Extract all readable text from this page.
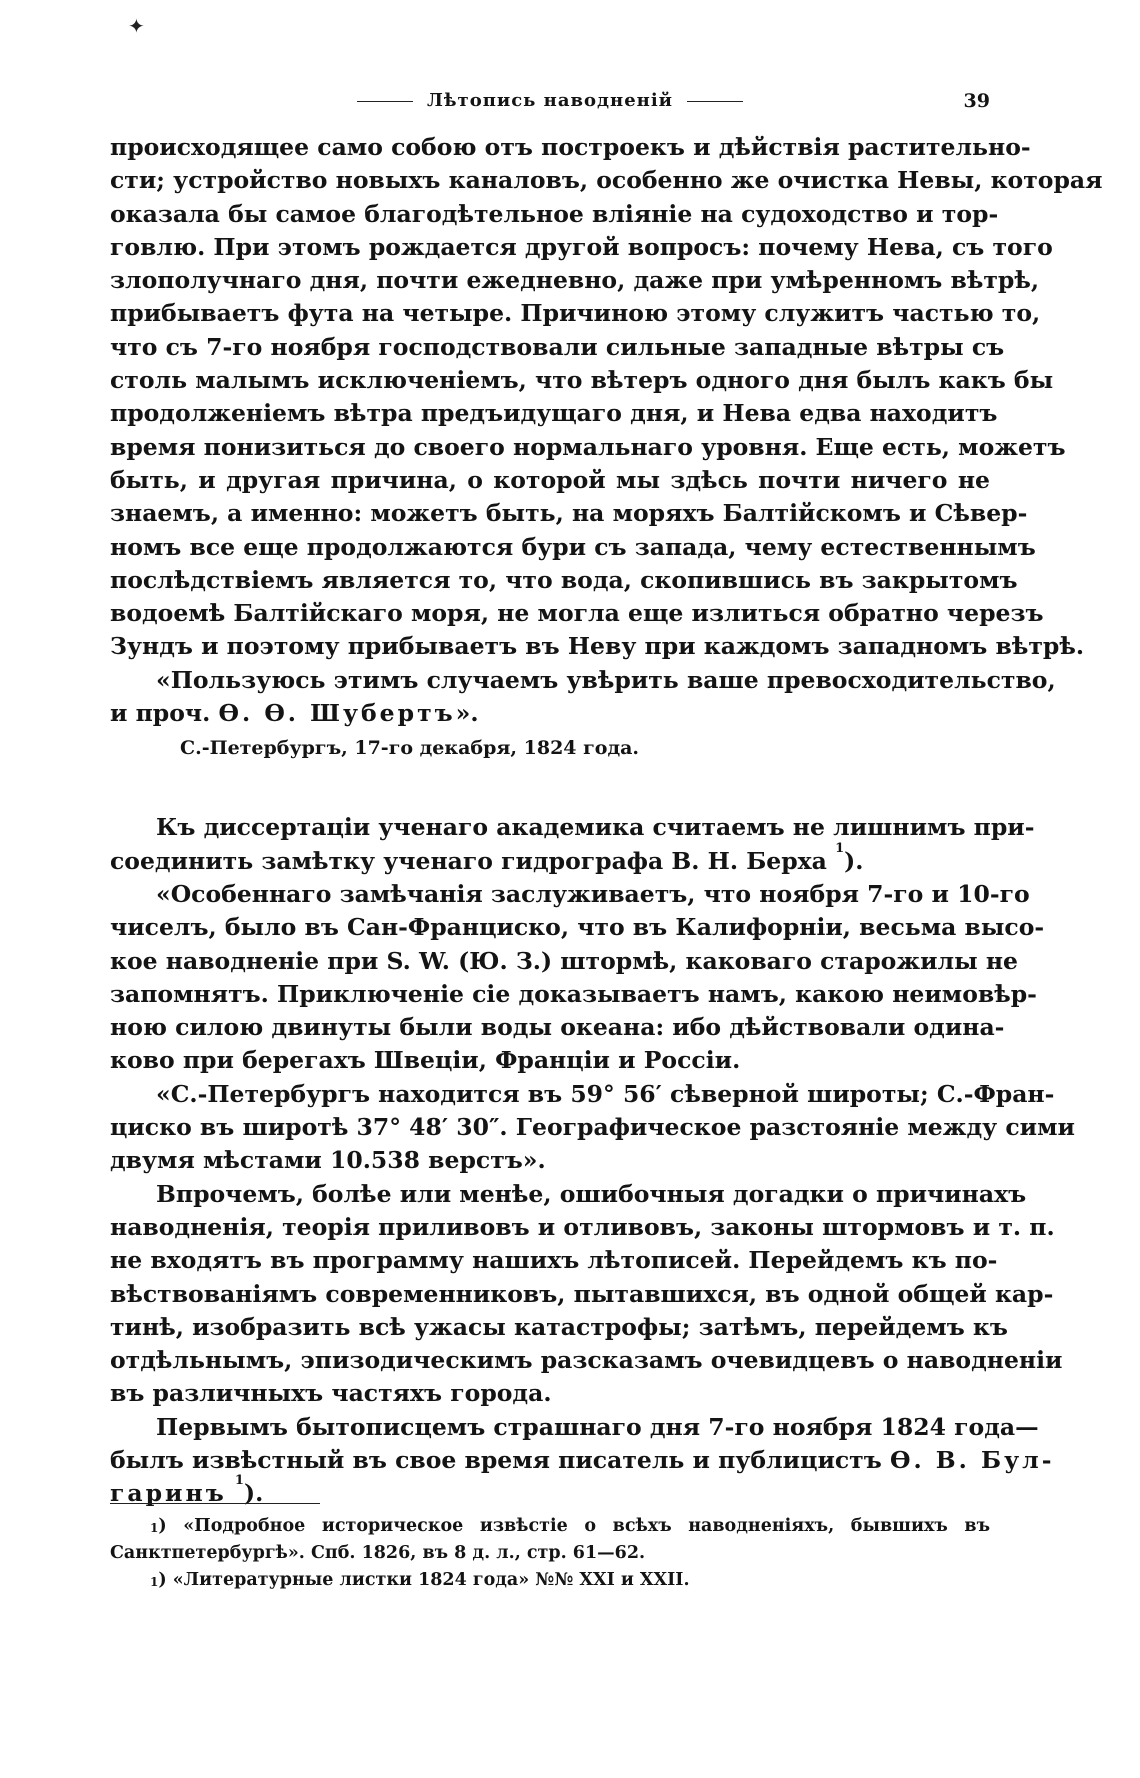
✦
Лѣтопись наводненій	39
происходящее само собою отъ построекъ и дѣйствія растительно-
сти; устройство новыхъ каналовъ, особенно же очистка Невы, которая
оказала бы самое благодѣтельное вліяніе на судоходство и тор-
говлю. При этомъ рождается другой вопросъ: почему Нева, съ того
злополучнаго дня, почти ежедневно, даже при умѣренномъ вѣтрѣ,
прибываетъ фута на четыре. Причиною этому служитъ частью то,
что съ 7-го ноября господствовали сильные западные вѣтры съ
столь малымъ исключеніемъ, что вѣтеръ одного дня былъ какъ бы
продолженіемъ вѣтра предъидущаго дня, и Нева едва находитъ
время понизиться до своего нормальнаго уровня. Еще есть, можетъ
быть, и другая причина, о которой мы здѣсь почти ничего не
знаемъ, а именно: можетъ быть, на моряхъ Балтійскомъ и Сѣвер-
номъ все еще продолжаются бури съ запада, чему естественнымъ
послѣдствіемъ является то, что вода, скопившись въ закрытомъ
водоемѣ Балтійскаго моря, не могла еще излиться обратно черезъ
Зундъ и поэтому прибываетъ въ Неву при каждомъ западномъ вѣтрѣ.
«Пользуюсь этимъ случаемъ увѣрить ваше превосходительство,
и проч. Ѳ. Ѳ. Шубертъ».
С.-Петербургъ, 17-го декабря, 1824 года.
Къ диссертаціи ученаго академика считаемъ не лишнимъ при-
соединить замѣтку ученаго гидрографа В. Н. Берха $^1$).
«Особеннаго замѣчанія заслуживаетъ, что ноября 7-го и 10-го
чиселъ, было въ Сан-Франциско, что въ Калифорніи, весьма высо-
кое наводненіе при S. W. (Ю. З.) штормѣ, каковаго старожилы не
запомнятъ. Приключеніе сіе доказываетъ намъ, какою неимовѣр-
ною силою двинуты были воды океана: ибо дѣйствовали одина-
ково при берегахъ Швеціи, Франціи и Россіи.
«С.-Петербургъ находится въ 59° 56′ сѣверной широты; С.-Фран-
циско въ широтѣ 37° 48′ 30″. Географическое разстояніе между сими
двумя мѣстами 10.538 верстъ».
Впрочемъ, болѣе или менѣе, ошибочныя догадки о причинахъ
наводненія, теорія приливовъ и отливовъ, законы штормовъ и т. п.
не входятъ въ программу нашихъ лѣтописей. Перейдемъ къ по-
вѣствованіямъ современниковъ, пытавшихся, въ одной общей кар-
тинѣ, изобразить всѣ ужасы катастрофы; затѣмъ, перейдемъ къ
отдѣльнымъ, эпизодическимъ разсказамъ очевидцевъ о наводненіи
въ различныхъ частяхъ города.
Первымъ бытописцемъ страшнаго дня 7-го ноября 1824 года—
былъ извѣстный въ свое время писатель и публицистъ Ѳ. В. Бул-
гаринъ $^1$).
$^1$) «Подробное историческое извѣстіе о всѣхъ наводненіяхъ, бывшихъ въ
Санктпетербургѣ». Спб. 1826, въ 8 д. л., стр. 61—62.
$^1$) «Литературные листки 1824 года» №№ XXI и XXII.
